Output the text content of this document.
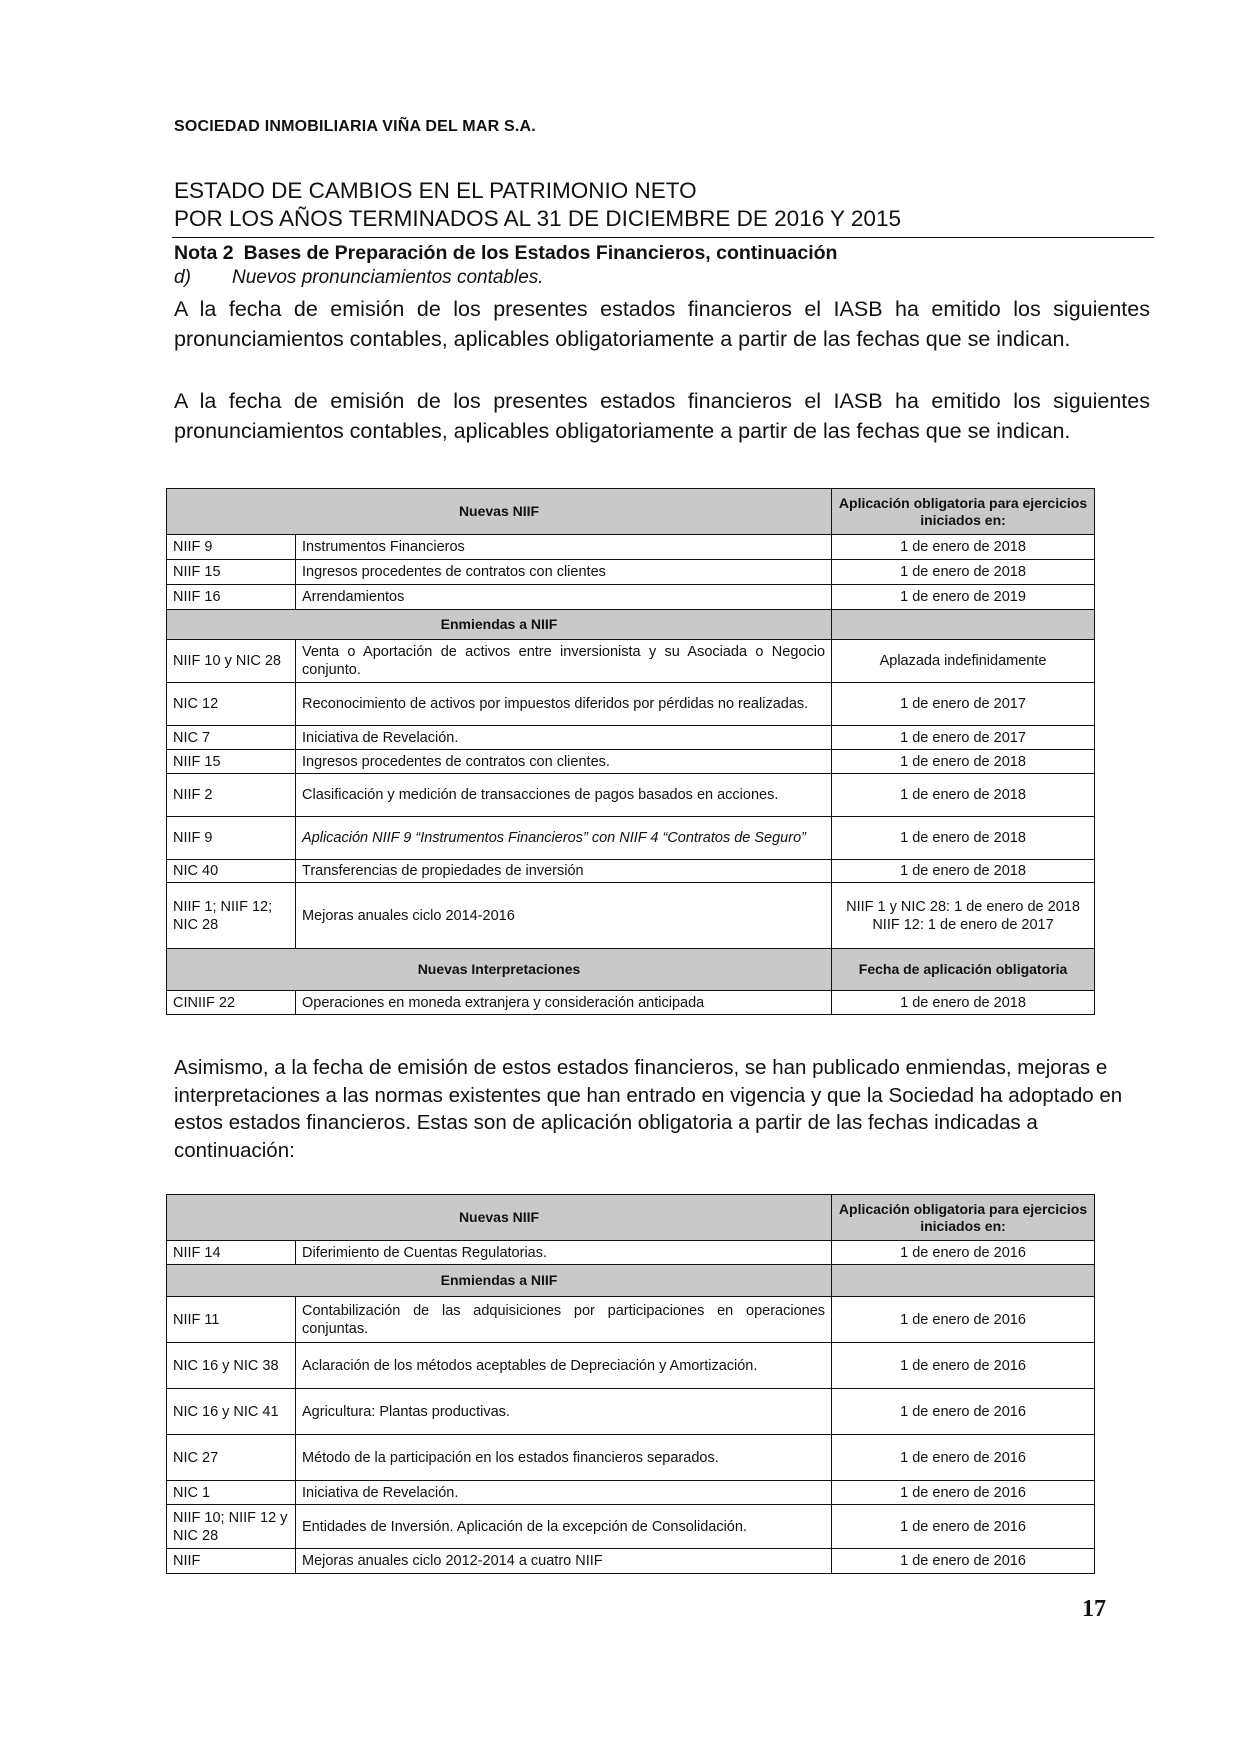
SOCIEDAD INMOBILIARIA VIÑA DEL MAR S.A.
ESTADO DE CAMBIOS EN EL PATRIMONIO NETO
POR LOS AÑOS TERMINADOS AL 31 DE DICIEMBRE DE 2016 Y 2015
Nota 2 Bases de Preparación de los Estados Financieros, continuación
d) Nuevos pronunciamientos contables.
A la fecha de emisión de los presentes estados financieros el IASB ha emitido los siguientes pronunciamientos contables, aplicables obligatoriamente a partir de las fechas que se indican.
A la fecha de emisión de los presentes estados financieros el IASB ha emitido los siguientes pronunciamientos contables, aplicables obligatoriamente a partir de las fechas que se indican.
Nuevas NIIF		Aplicación obligatoria para ejercicios iniciados en:
NIIF 9	Instrumentos Financieros	1 de enero de 2018
NIIF 15	Ingresos procedentes de contratos con clientes	1 de enero de 2018
NIIF 16	Arrendamientos	1 de enero de 2019
Enmiendas a NIIF		
NIIF 10 y NIC 28	Venta o Aportación de activos entre inversionista y su Asociada o Negocio conjunto.	Aplazada indefinidamente
NIC 12	Reconocimiento de activos por impuestos diferidos por pérdidas no realizadas.	1 de enero de 2017
NIC 7	Iniciativa de Revelación.	1 de enero de 2017
NIIF 15	Ingresos procedentes de contratos con clientes.	1 de enero de 2018
NIIF 2	Clasificación y medición de transacciones de pagos basados en acciones.	1 de enero de 2018
NIIF 9	Aplicación NIIF 9 “Instrumentos Financieros” con NIIF 4 “Contratos de Seguro”	1 de enero de 2018
NIC 40	Transferencias de propiedades de inversión	1 de enero de 2018
NIIF 1; NIIF 12; NIC 28	Mejoras anuales ciclo 2014-2016	NIIF 1 y NIC 28: 1 de enero de 2018
NIIF 12: 1 de enero de 2017

Nuevas Interpretaciones		Fecha de aplicación obligatoria
CINIIF 22	Operaciones en moneda extranjera y consideración anticipada	1 de enero de 2018
Asimismo, a la fecha de emisión de estos estados financieros, se han publicado enmiendas, mejoras e interpretaciones a las normas existentes que han entrado en vigencia y que la Sociedad ha adoptado en estos estados financieros. Estas son de aplicación obligatoria a partir de las fechas indicadas a continuación:
Nuevas NIIF		Aplicación obligatoria para ejercicios iniciados en:
NIIF 14	Diferimiento de Cuentas Regulatorias.	1 de enero de 2016
Enmiendas a NIIF		
NIIF 11	Contabilización de las adquisiciones por participaciones en operaciones conjuntas.	1 de enero de 2016
NIC 16 y NIC 38	Aclaración de los métodos aceptables de Depreciación y Amortización.	1 de enero de 2016
NIC 16 y NIC 41	Agricultura: Plantas productivas.	1 de enero de 2016
NIC 27	Método de la participación en los estados financieros separados.	1 de enero de 2016
NIC 1	Iniciativa de Revelación.	1 de enero de 2016
NIIF 10; NIIF 12 y NIC 28	Entidades de Inversión. Aplicación de la excepción de Consolidación.	1 de enero de 2016
NIIF	Mejoras anuales ciclo 2012-2014 a cuatro NIIF	1 de enero de 2016
17
